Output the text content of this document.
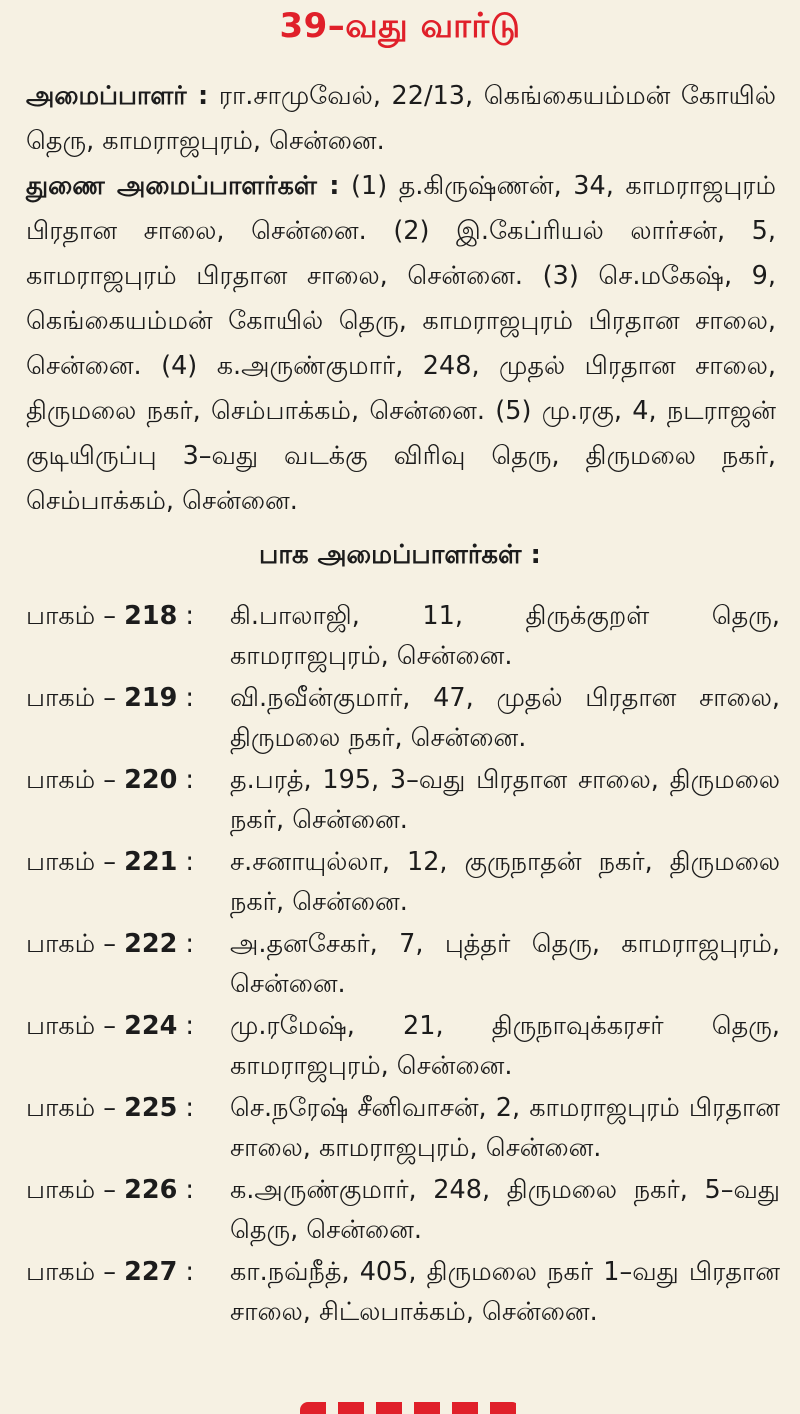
39–வது வார்டு
அமைப்பாளர் : ரா.சாமுவேல், 22/13, கெங்கையம்மன் கோயில் தெரு, காமராஜபுரம், சென்னை.
துணை அமைப்பாளர்கள் : (1) த.கிருஷ்ணன், 34, காமராஜபுரம் பிரதான சாலை, சென்னை. (2) இ.கேப்ரியல் லார்சன், 5, காமராஜபுரம் பிரதான சாலை, சென்னை. (3) செ.மகேஷ், 9, கெங்கையம்மன் கோயில் தெரு, காமராஜபுரம் பிரதான சாலை, சென்னை. (4) க.அருண்குமார், 248, முதல் பிரதான சாலை, திருமலை நகர், செம்பாக்கம், சென்னை. (5) மு.ரகு, 4, நடராஜன் குடியிருப்பு 3–வது வடக்கு விரிவு தெரு, திருமலை நகர், செம்பாக்கம், சென்னை.
பாக அமைப்பாளர்கள் :
பாகம் – 218 :	கி.பாலாஜி, 11, திருக்குறள் தெரு, காமராஜபுரம், சென்னை.
பாகம் – 219 :	வி.நவீன்குமார், 47, முதல் பிரதான சாலை, திருமலை நகர், சென்னை.
பாகம் – 220 :	த.பரத், 195, 3–வது பிரதான சாலை, திருமலை நகர், சென்னை.
பாகம் – 221 :	ச.சனாயுல்லா, 12, குருநாதன் நகர், திருமலை நகர், சென்னை.
பாகம் – 222 :	அ.தனசேகர், 7, புத்தர் தெரு, காமராஜபுரம், சென்னை.
பாகம் – 224 :	மு.ரமேஷ், 21, திருநாவுக்கரசர் தெரு, காமராஜபுரம், சென்னை.
பாகம் – 225 :	செ.நரேஷ் சீனிவாசன், 2, காமராஜபுரம் பிரதான சாலை, காமராஜபுரம், சென்னை.
பாகம் – 226 :	க.அருண்குமார், 248, திருமலை நகர், 5–வது தெரு, சென்னை.
பாகம் – 227 :	கா.நவ்நீத், 405, திருமலை நகர் 1–வது பிரதான சாலை, சிட்லபாக்கம், சென்னை.
